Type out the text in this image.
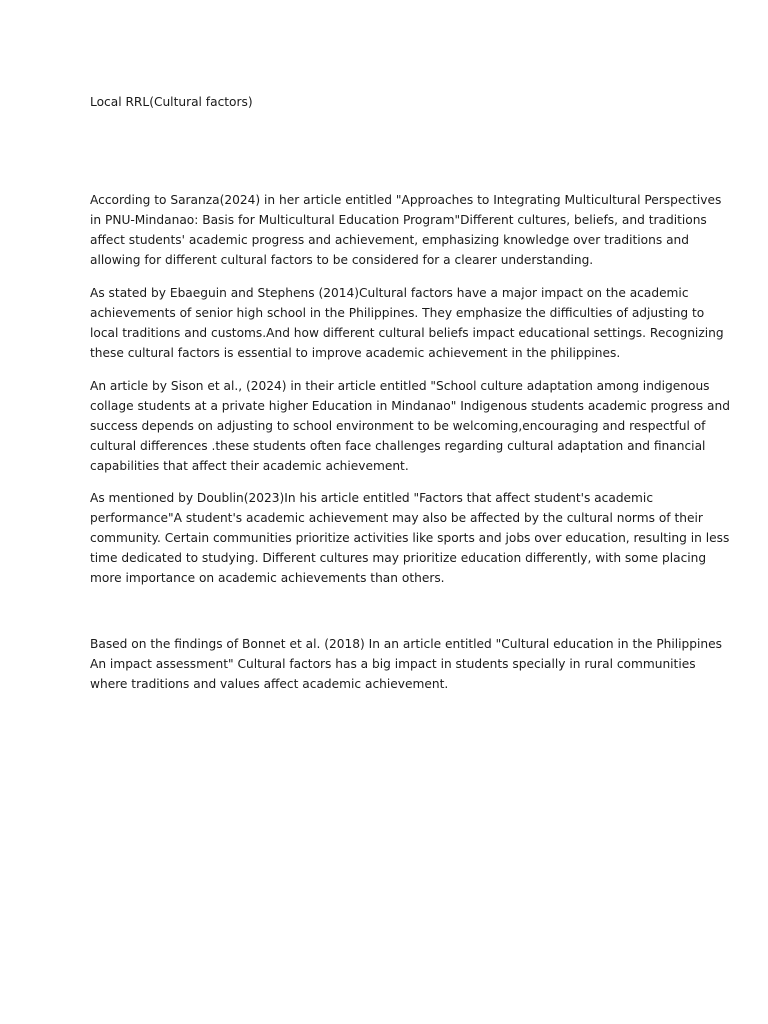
Local RRL(Cultural factors)

According to Saranza(2024) in her article entitled "Approaches to Integrating Multicultural Perspectives
in PNU-Mindanao: Basis for Multicultural Education Program"Different cultures, beliefs, and traditions
affect students' academic progress and achievement, emphasizing knowledge over traditions and
allowing for different cultural factors to be considered for a clearer understanding.

As stated by Ebaeguin and Stephens (2014)Cultural factors have a major impact on the academic
achievements of senior high school in the Philippines. They emphasize the difficulties of adjusting to
local traditions and customs.And how different cultural beliefs impact educational settings. Recognizing
these cultural factors is essential to improve academic achievement in the philippines.

An article by Sison et al., (2024) in their article entitled "School culture adaptation among indigenous
collage students at a private higher Education in Mindanao" Indigenous students academic progress and
success depends on adjusting to school environment to be welcoming,encouraging and respectful of
cultural differences .these students often face challenges regarding cultural adaptation and financial
capabilities that affect their academic achievement.

As mentioned by Doublin(2023)In his article entitled "Factors that affect student's academic
performance"A student's academic achievement may also be affected by the cultural norms of their
community. Certain communities prioritize activities like sports and jobs over education, resulting in less
time dedicated to studying. Different cultures may prioritize education differently, with some placing
more importance on academic achievements than others.

Based on the findings of Bonnet et al. (2018) In an article entitled "Cultural education in the Philippines
An impact assessment" Cultural factors has a big impact in students specially in rural communities
where traditions and values affect academic achievement.
